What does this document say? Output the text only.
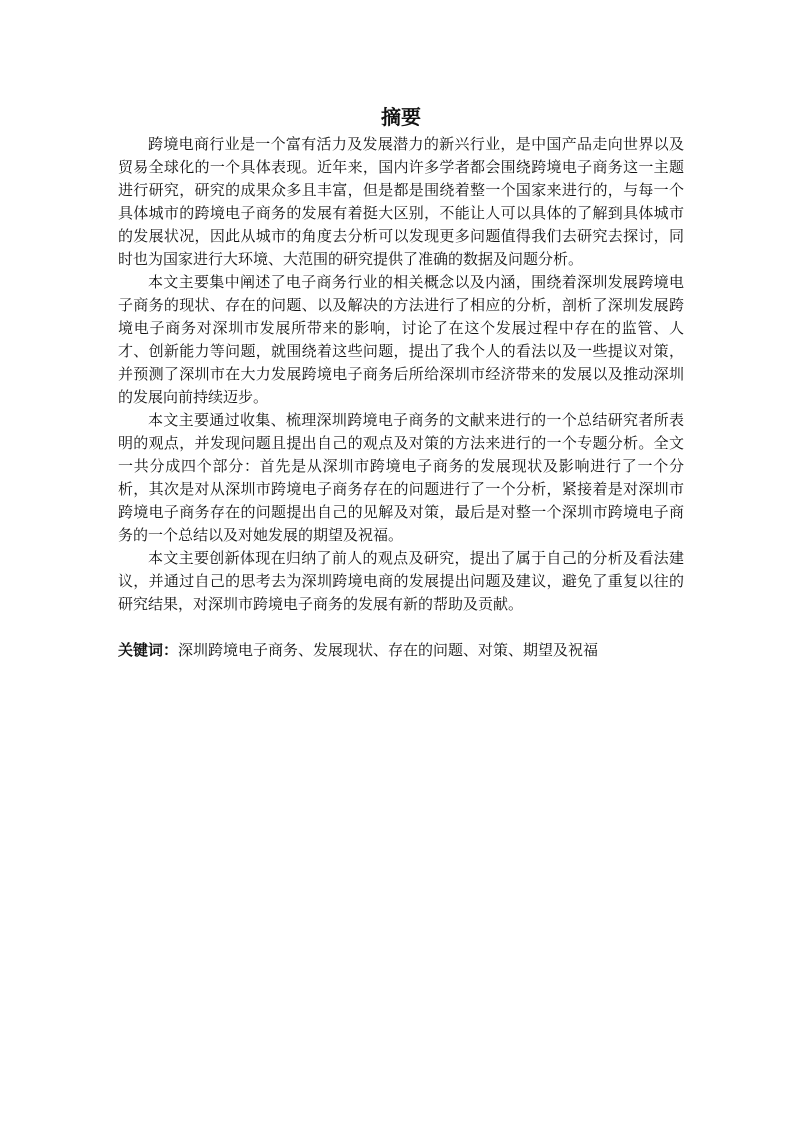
摘要

跨境电商行业是一个富有活力及发展潜力的新兴行业，是中国产品走向世界以及贸易全球化的一个具体表现。近年来，国内许多学者都会围绕跨境电子商务这一主题进行研究，研究的成果众多且丰富，但是都是围绕着整一个国家来进行的，与每一个具体城市的跨境电子商务的发展有着挺大区别，不能让人可以具体的了解到具体城市的发展状况，因此从城市的角度去分析可以发现更多问题值得我们去研究去探讨，同时也为国家进行大环境、大范围的研究提供了准确的数据及问题分析。

本文主要集中阐述了电子商务行业的相关概念以及内涵，围绕着深圳发展跨境电子商务的现状、存在的问题、以及解决的方法进行了相应的分析，剖析了深圳发展跨境电子商务对深圳市发展所带来的影响，讨论了在这个发展过程中存在的监管、人才、创新能力等问题，就围绕着这些问题，提出了我个人的看法以及一些提议对策，并预测了深圳市在大力发展跨境电子商务后所给深圳市经济带来的发展以及推动深圳的发展向前持续迈步。

本文主要通过收集、梳理深圳跨境电子商务的文献来进行的一个总结研究者所表明的观点，并发现问题且提出自己的观点及对策的方法来进行的一个专题分析。全文一共分成四个部分：首先是从深圳市跨境电子商务的发展现状及影响进行了一个分析，其次是对从深圳市跨境电子商务存在的问题进行了一个分析，紧接着是对深圳市跨境电子商务存在的问题提出自己的见解及对策，最后是对整一个深圳市跨境电子商务的一个总结以及对她发展的期望及祝福。

本文主要创新体现在归纳了前人的观点及研究，提出了属于自己的分析及看法建议，并通过自己的思考去为深圳跨境电商的发展提出问题及建议，避免了重复以往的研究结果，对深圳市跨境电子商务的发展有新的帮助及贡献。

关键词：深圳跨境电子商务、发展现状、存在的问题、对策、期望及祝福
